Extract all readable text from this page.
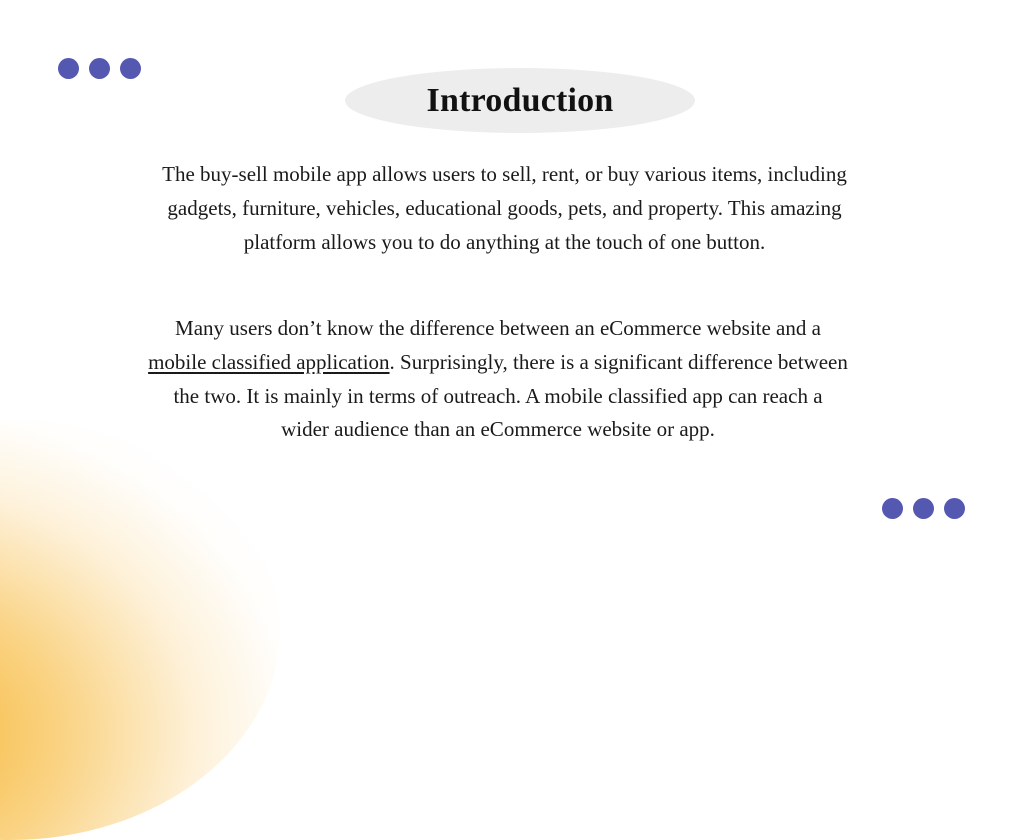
Introduction

The buy-sell mobile app allows users to sell, rent, or buy various items, including gadgets, furniture, vehicles, educational goods, pets, and property. This amazing platform allows you to do anything at the touch of one button.

Many users don’t know the difference between an eCommerce website and a mobile classified application. Surprisingly, there is a significant difference between the two. It is mainly in terms of outreach. A mobile classified app can reach a wider audience than an eCommerce website or app.
